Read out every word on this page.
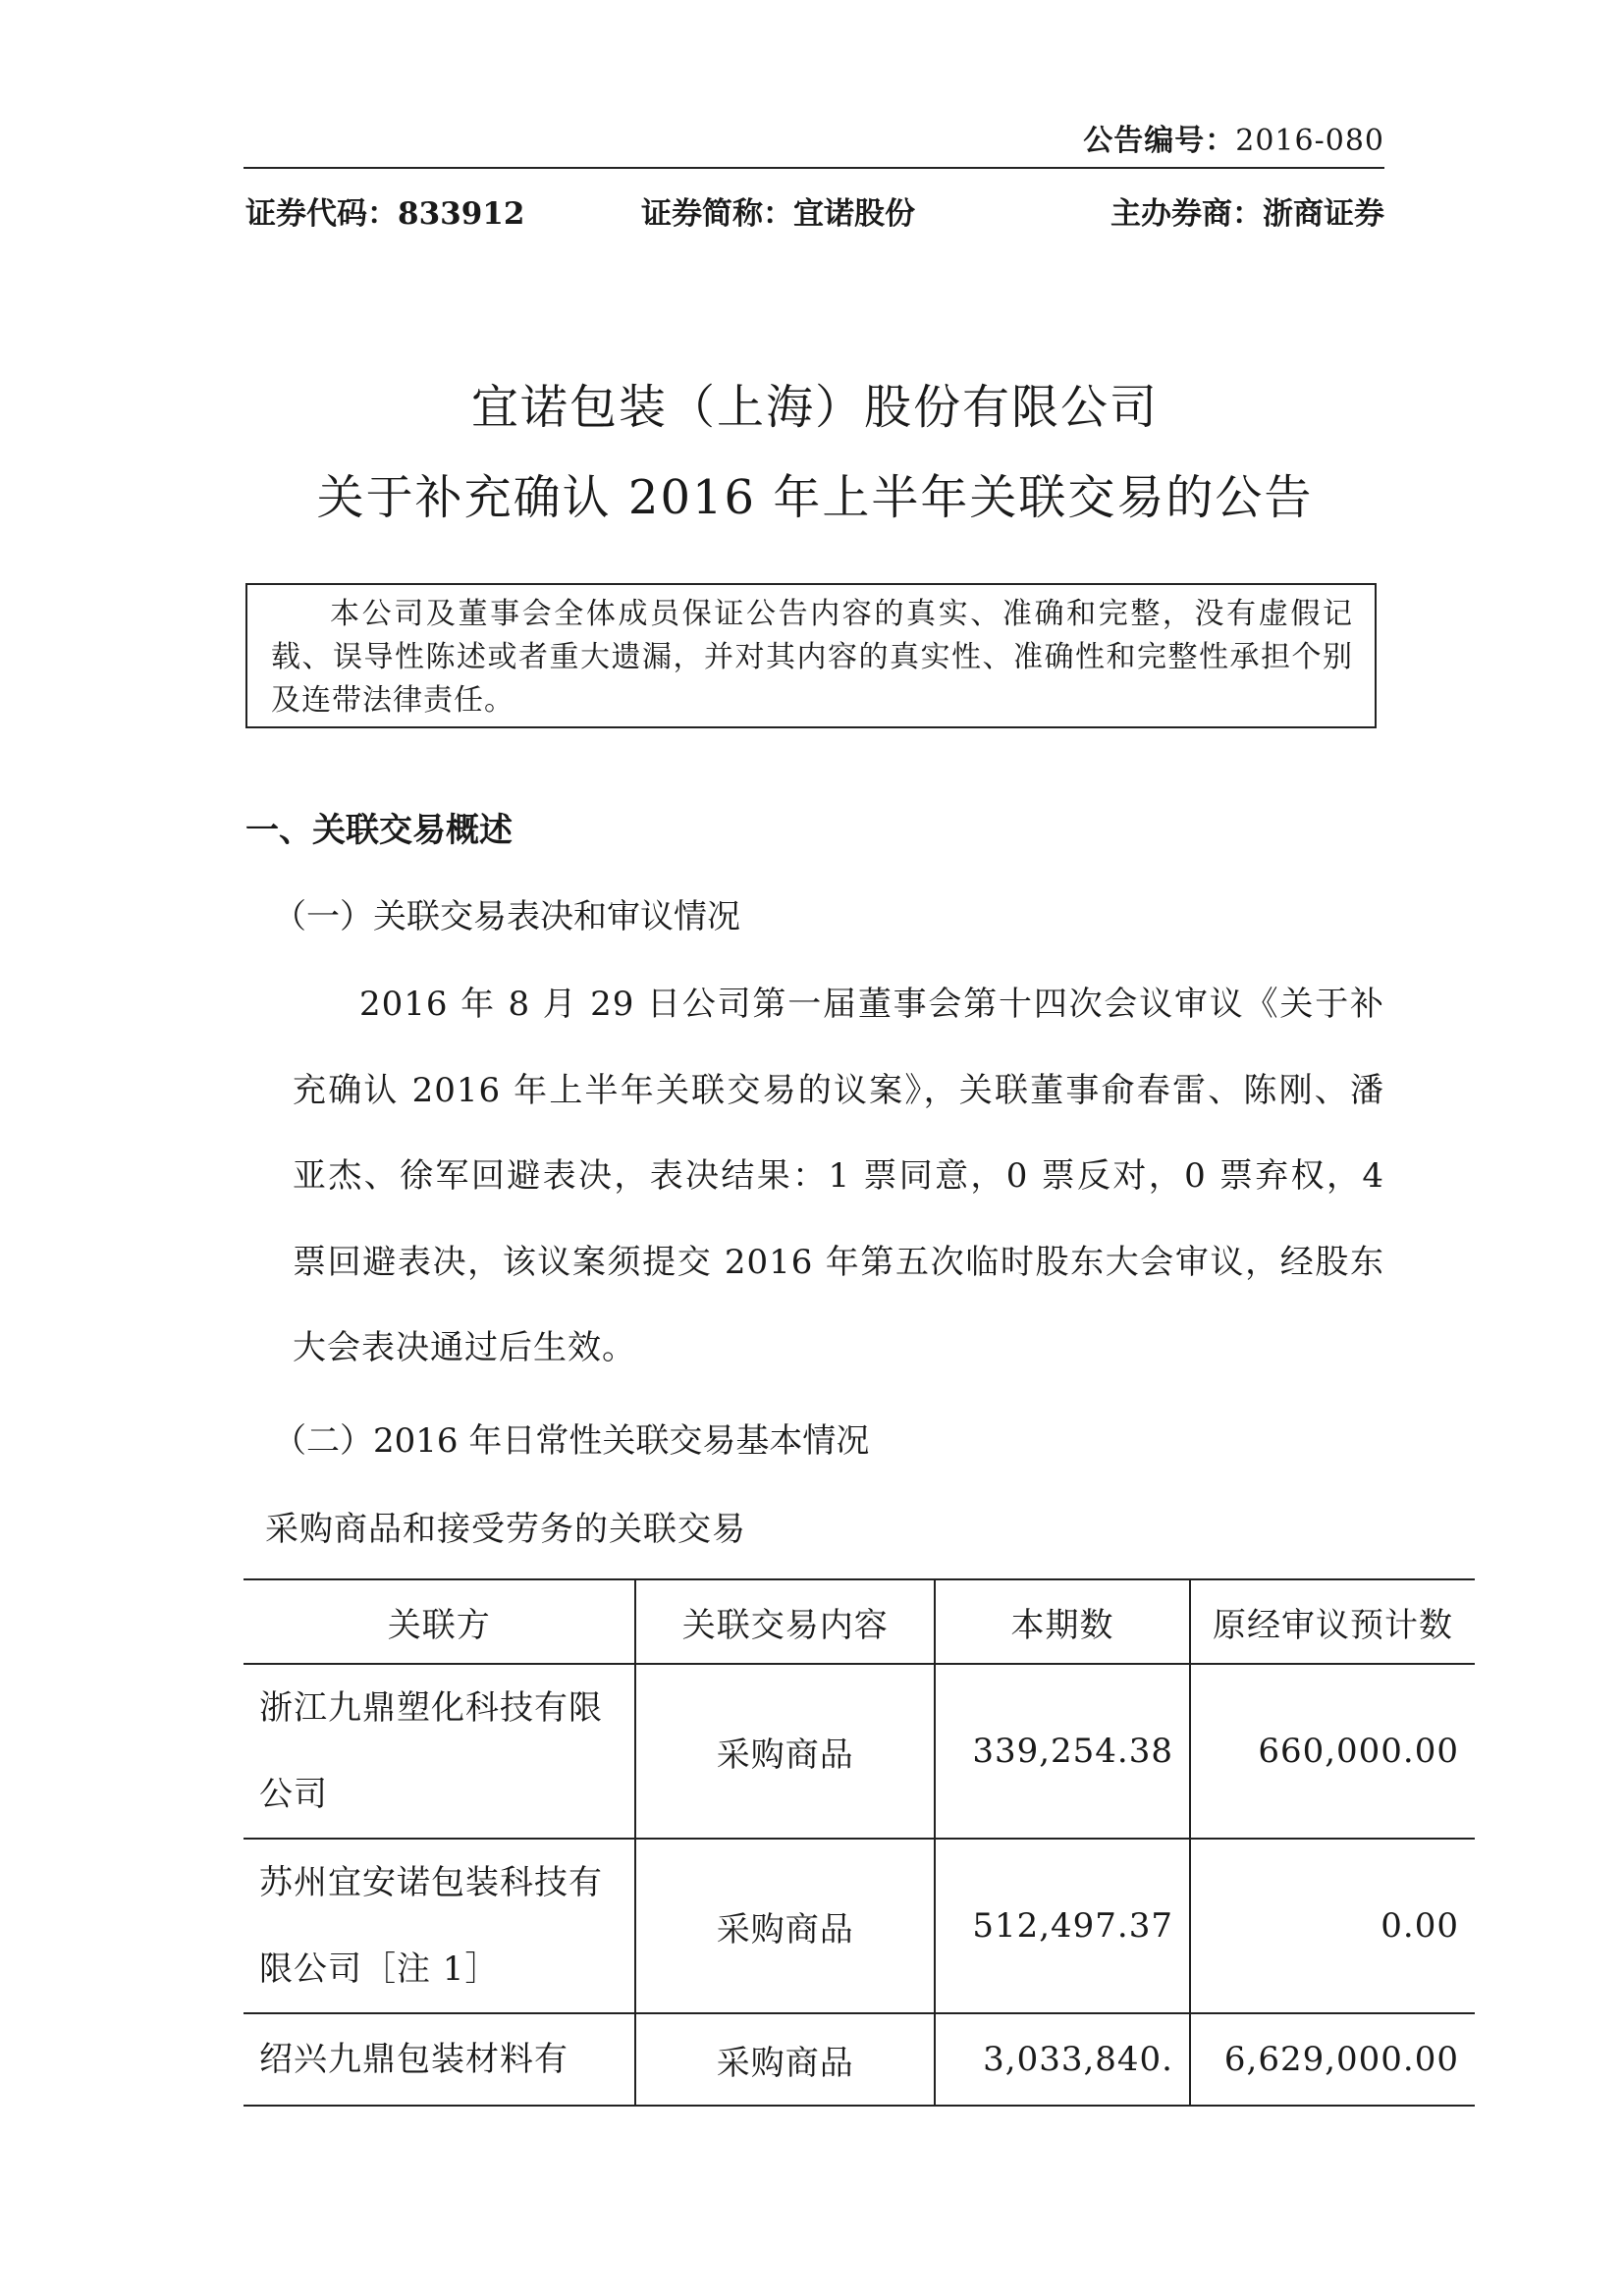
公告编号：2016-080
证券代码：833912	证券简称：宜诺股份	主办券商：浙商证券
宜诺包装（上海）股份有限公司
关于补充确认 2016 年上半年关联交易的公告
本公司及董事会全体成员保证公告内容的真实、准确和完整，没有虚假记载、误导性陈述或者重大遗漏，并对其内容的真实性、准确性和完整性承担个别及连带法律责任。
一、关联交易概述
（一）关联交易表决和审议情况
2016 年 8 月 29 日公司第一届董事会第十四次会议审议《关于补充确认 2016 年上半年关联交易的议案》，关联董事俞春雷、陈刚、潘亚杰、徐军回避表决，表决结果：1 票同意，0 票反对，0 票弃权，4 票回避表决，该议案须提交 2016 年第五次临时股东大会审议，经股东大会表决通过后生效。
（二）2016 年日常性关联交易基本情况
采购商品和接受劳务的关联交易
关联方	关联交易内容	本期数	原经审议预计数
浙江九鼎塑化科技有限公司	采购商品	339,254.38	660,000.00
苏州宜安诺包装科技有限公司［注 1］	采购商品	512,497.37	0.00
绍兴九鼎包装材料有	采购商品	3,033,840.	6,629,000.00
